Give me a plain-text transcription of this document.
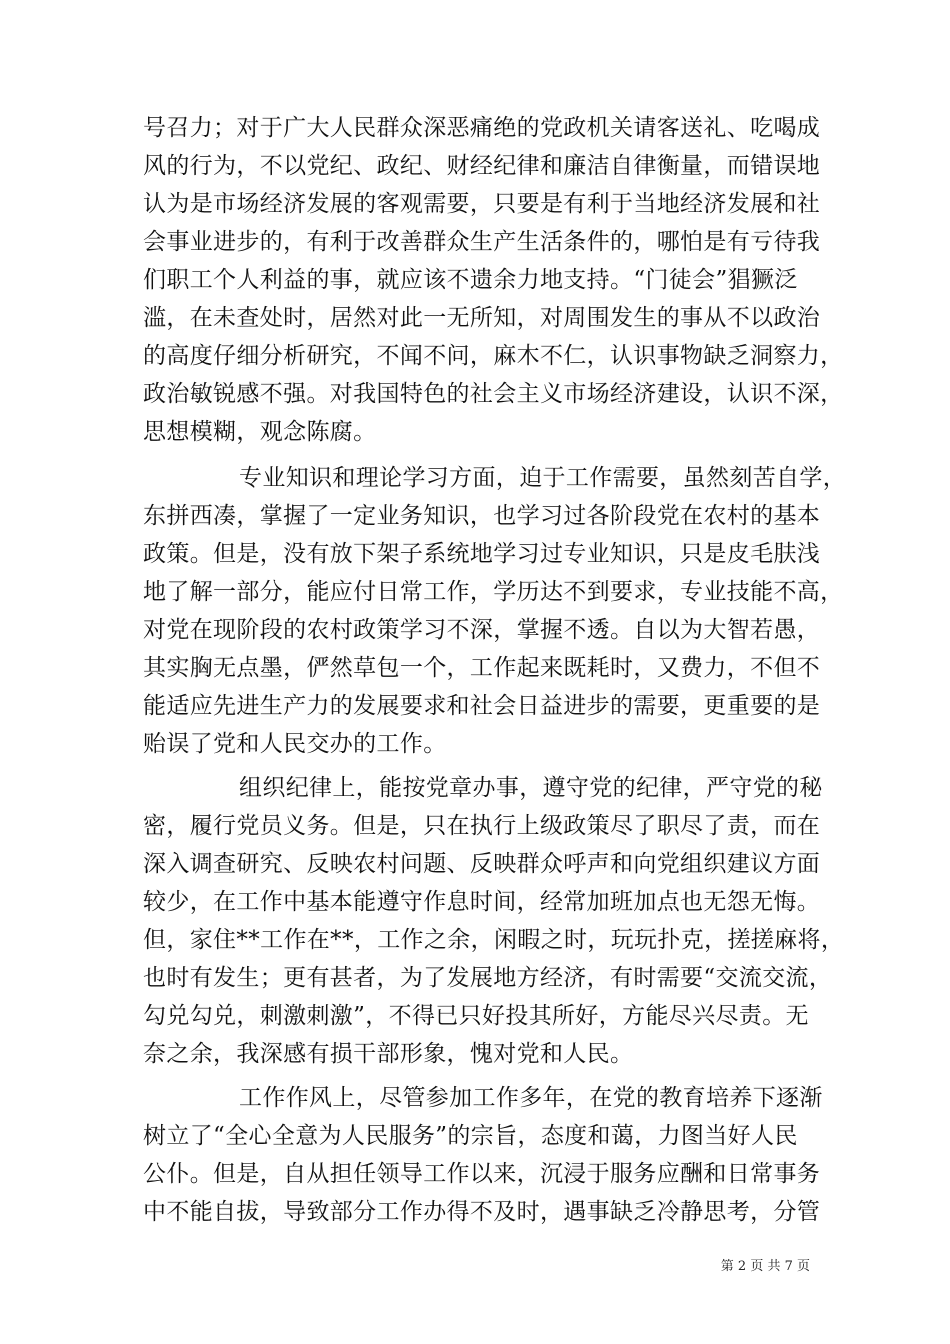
号召力；对于广大人民群众深恶痛绝的党政机关请客送礼、吃喝成
风的行为，不以党纪、政纪、财经纪律和廉洁自律衡量，而错误地
认为是市场经济发展的客观需要，只要是有利于当地经济发展和社
会事业进步的，有利于改善群众生产生活条件的，哪怕是有亏待我
们职工个人利益的事，就应该不遗余力地支持。“门徒会”猖獗泛
滥，在未查处时，居然对此一无所知，对周围发生的事从不以政治
的高度仔细分析研究，不闻不问，麻木不仁，认识事物缺乏洞察力，
政治敏锐感不强。对我国特色的社会主义市场经济建设，认识不深，
思想模糊，观念陈腐。
专业知识和理论学习方面，迫于工作需要，虽然刻苦自学，
东拼西凑，掌握了一定业务知识，也学习过各阶段党在农村的基本
政策。但是，没有放下架子系统地学习过专业知识，只是皮毛肤浅
地了解一部分，能应付日常工作，学历达不到要求，专业技能不高，
对党在现阶段的农村政策学习不深，掌握不透。自以为大智若愚，
其实胸无点墨，俨然草包一个，工作起来既耗时，又费力，不但不
能适应先进生产力的发展要求和社会日益进步的需要，更重要的是
贻误了党和人民交办的工作。
组织纪律上，能按党章办事，遵守党的纪律，严守党的秘
密，履行党员义务。但是，只在执行上级政策尽了职尽了责，而在
深入调查研究、反映农村问题、反映群众呼声和向党组织建议方面
较少，在工作中基本能遵守作息时间，经常加班加点也无怨无悔。
但，家住**工作在**，工作之余，闲暇之时，玩玩扑克，搓搓麻将，
也时有发生；更有甚者，为了发展地方经济，有时需要“交流交流，
勾兑勾兑，刺激刺激”，不得已只好投其所好，方能尽兴尽责。无
奈之余，我深感有损干部形象，愧对党和人民。
工作作风上，尽管参加工作多年，在党的教育培养下逐渐
树立了“全心全意为人民服务”的宗旨，态度和蔼，力图当好人民
公仆。但是，自从担任领导工作以来，沉浸于服务应酬和日常事务
中不能自拔，导致部分工作办得不及时，遇事缺乏冷静思考，分管
第 2 页 共 7 页
